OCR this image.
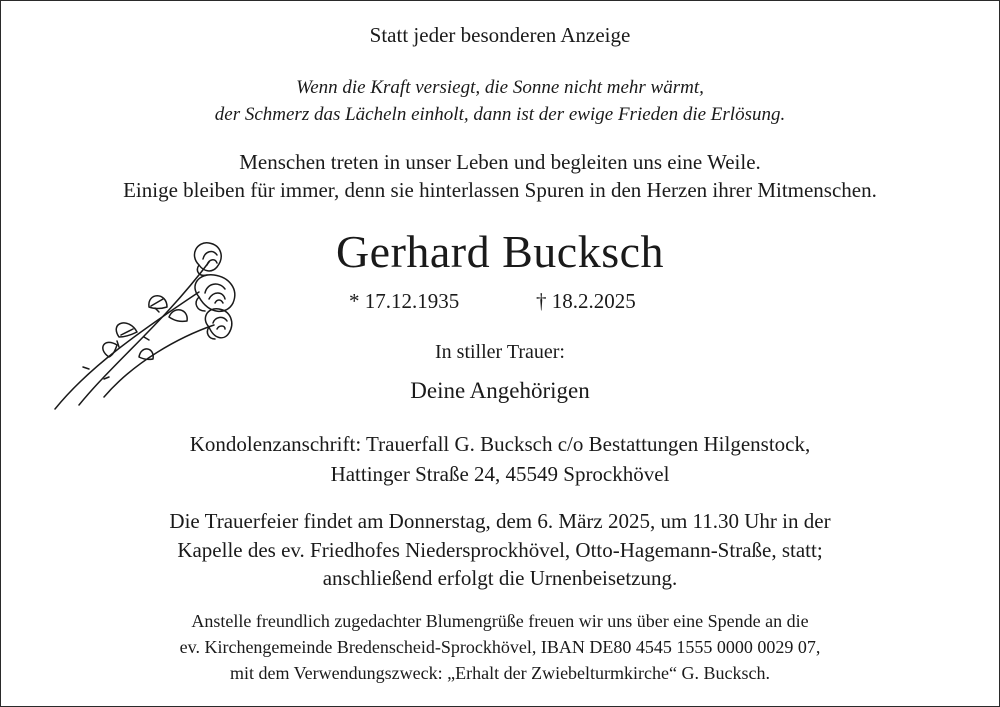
Statt jeder besonderen Anzeige
Wenn die Kraft versiegt, die Sonne nicht mehr wärmt,
der Schmerz das Lächeln einholt, dann ist der ewige Frieden die Erlösung.
Menschen treten in unser Leben und begleiten uns eine Weile.
Einige bleiben für immer, denn sie hinterlassen Spuren in den Herzen ihrer Mitmenschen.
Gerhard Bucksch
* 17.12.1935	† 18.2.2025
In stiller Trauer:
Deine Angehörigen
Kondolenzanschrift: Trauerfall G. Bucksch c/o Bestattungen Hilgenstock,
Hattinger Straße 24, 45549 Sprockhövel
Die Trauerfeier findet am Donnerstag, dem 6. März 2025, um 11.30 Uhr in der
Kapelle des ev. Friedhofes Niedersprockhövel, Otto-Hagemann-Straße, statt;
anschließend erfolgt die Urnenbeisetzung.
Anstelle freundlich zugedachter Blumengrüße freuen wir uns über eine Spende an die
ev. Kirchengemeinde Bredenscheid-Sprockhövel, IBAN DE80 4545 1555 0000 0029 07,
mit dem Verwendungszweck: „Erhalt der Zwiebelturmkirche“ G. Bucksch.
